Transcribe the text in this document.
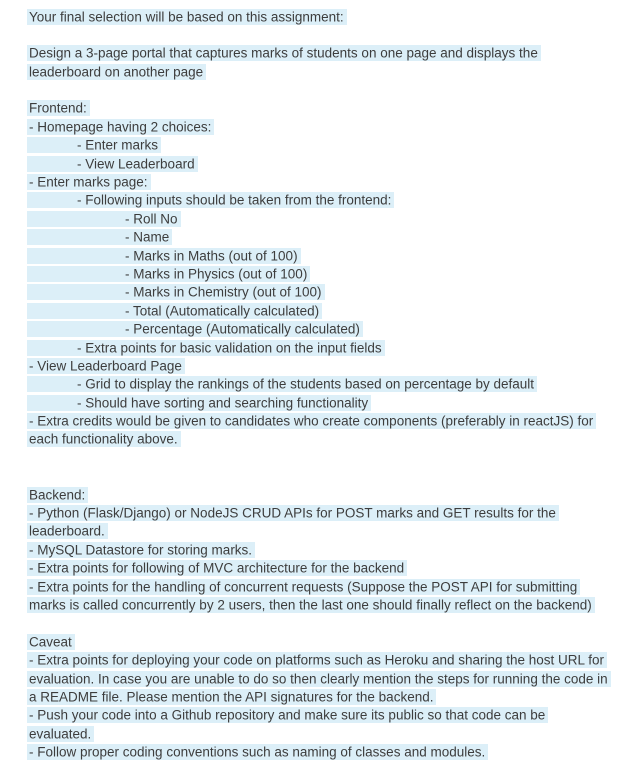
Your final selection will be based on this assignment:
Design a 3-page portal that captures marks of students on one page and displays the
leaderboard on another page
Frontend:
- Homepage having 2 choices:
- Enter marks
- View Leaderboard
- Enter marks page:
- Following inputs should be taken from the frontend:
- Roll No
- Name
- Marks in Maths (out of 100)
- Marks in Physics (out of 100)
- Marks in Chemistry (out of 100)
- Total (Automatically calculated)
- Percentage (Automatically calculated)
- Extra points for basic validation on the input fields
- View Leaderboard Page
- Grid to display the rankings of the students based on percentage by default
- Should have sorting and searching functionality
- Extra credits would be given to candidates who create components (preferably in reactJS) for
each functionality above.
Backend:
- Python (Flask/Django) or NodeJS CRUD APIs for POST marks and GET results for the
leaderboard.
- MySQL Datastore for storing marks.
- Extra points for following of MVC architecture for the backend
- Extra points for the handling of concurrent requests (Suppose the POST API for submitting
marks is called concurrently by 2 users, then the last one should finally reflect on the backend)
Caveat
- Extra points for deploying your code on platforms such as Heroku and sharing the host URL for
evaluation. In case you are unable to do so then clearly mention the steps for running the code in
a README file. Please mention the API signatures for the backend.
- Push your code into a Github repository and make sure its public so that code can be
evaluated.
- Follow proper coding conventions such as naming of classes and modules.
